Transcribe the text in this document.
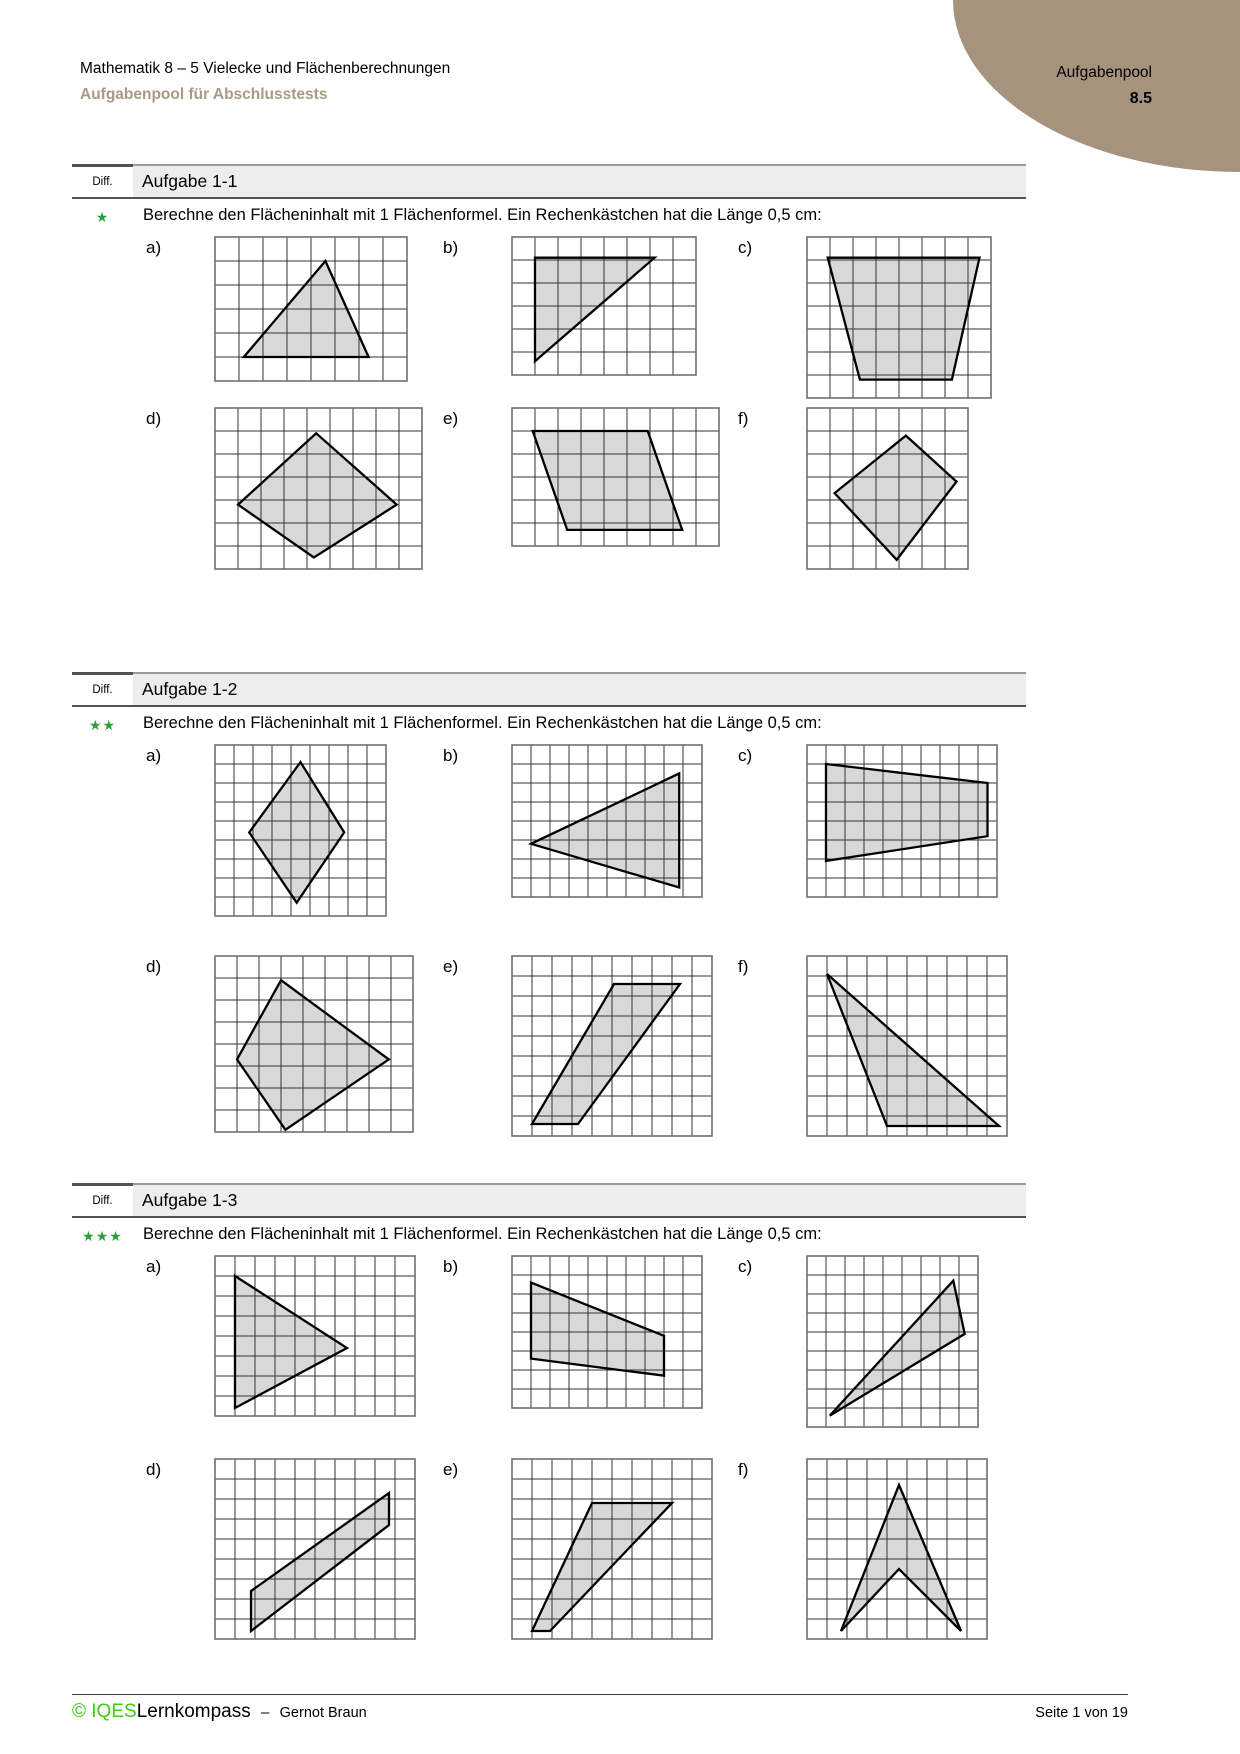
Aufgabenpool
8.5
Mathematik 8 – 5 Vielecke und Flächenberechnungen
Aufgabenpool für Abschlusstests
Diff.	Aufgabe 1-1
★	Berechne den Flächeninhalt mit 1 Flächenformel. Ein Rechenkästchen hat die Länge 0,5 cm:
a)	b)	c)
d)	e)	f)
Diff.	Aufgabe 1-2
★★	Berechne den Flächeninhalt mit 1 Flächenformel. Ein Rechenkästchen hat die Länge 0,5 cm:
a)	b)	c)
d)	e)	f)
Diff.	Aufgabe 1-3
★★★	Berechne den Flächeninhalt mit 1 Flächenformel. Ein Rechenkästchen hat die Länge 0,5 cm:
a)	b)	c)
d)	e)	f)
© IQESLernkompass – Gernot Braun	Seite 1 von 19
